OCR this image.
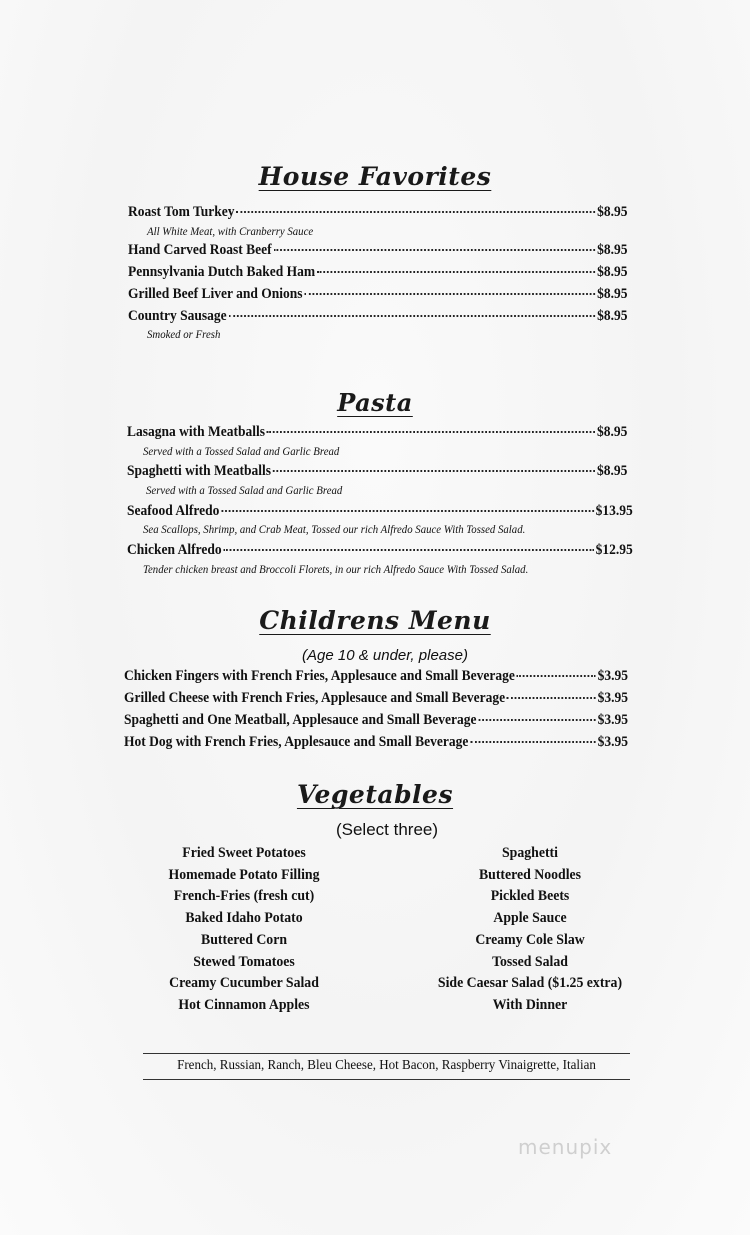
House Favorites
Roast Tom Turkey	$8.95
All White Meat, with Cranberry Sauce
Hand Carved Roast Beef	$8.95
Pennsylvania Dutch Baked Ham	$8.95
Grilled Beef Liver and Onions	$8.95
Country Sausage	$8.95
Smoked or Fresh
Pasta
Lasagna with Meatballs	$8.95
Served with a Tossed Salad and Garlic Bread
Spaghetti with Meatballs	$8.95
Served with a Tossed Salad and Garlic Bread
Seafood Alfredo	$13.95
Sea Scallops, Shrimp, and Crab Meat, Tossed our rich Alfredo Sauce With Tossed Salad.
Chicken Alfredo	$12.95
Tender chicken breast and Broccoli Florets, in our rich Alfredo Sauce With Tossed Salad.
Childrens Menu
(Age 10 & under, please)
Chicken Fingers with French Fries, Applesauce and Small Beverage	$3.95
Grilled Cheese with French Fries, Applesauce and Small Beverage	$3.95
Spaghetti and One Meatball, Applesauce and Small Beverage	$3.95
Hot Dog with French Fries, Applesauce and Small Beverage	$3.95
Vegetables
(Select three)
Fried Sweet Potatoes
Homemade Potato Filling
French-Fries (fresh cut)
Baked Idaho Potato
Buttered Corn
Stewed Tomatoes
Creamy Cucumber Salad
Hot Cinnamon Apples
Spaghetti
Buttered Noodles
Pickled Beets
Apple Sauce
Creamy Cole Slaw
Tossed Salad
Side Caesar Salad ($1.25 extra)
With Dinner
French, Russian, Ranch, Bleu Cheese, Hot Bacon, Raspberry Vinaigrette, Italian
menupix
